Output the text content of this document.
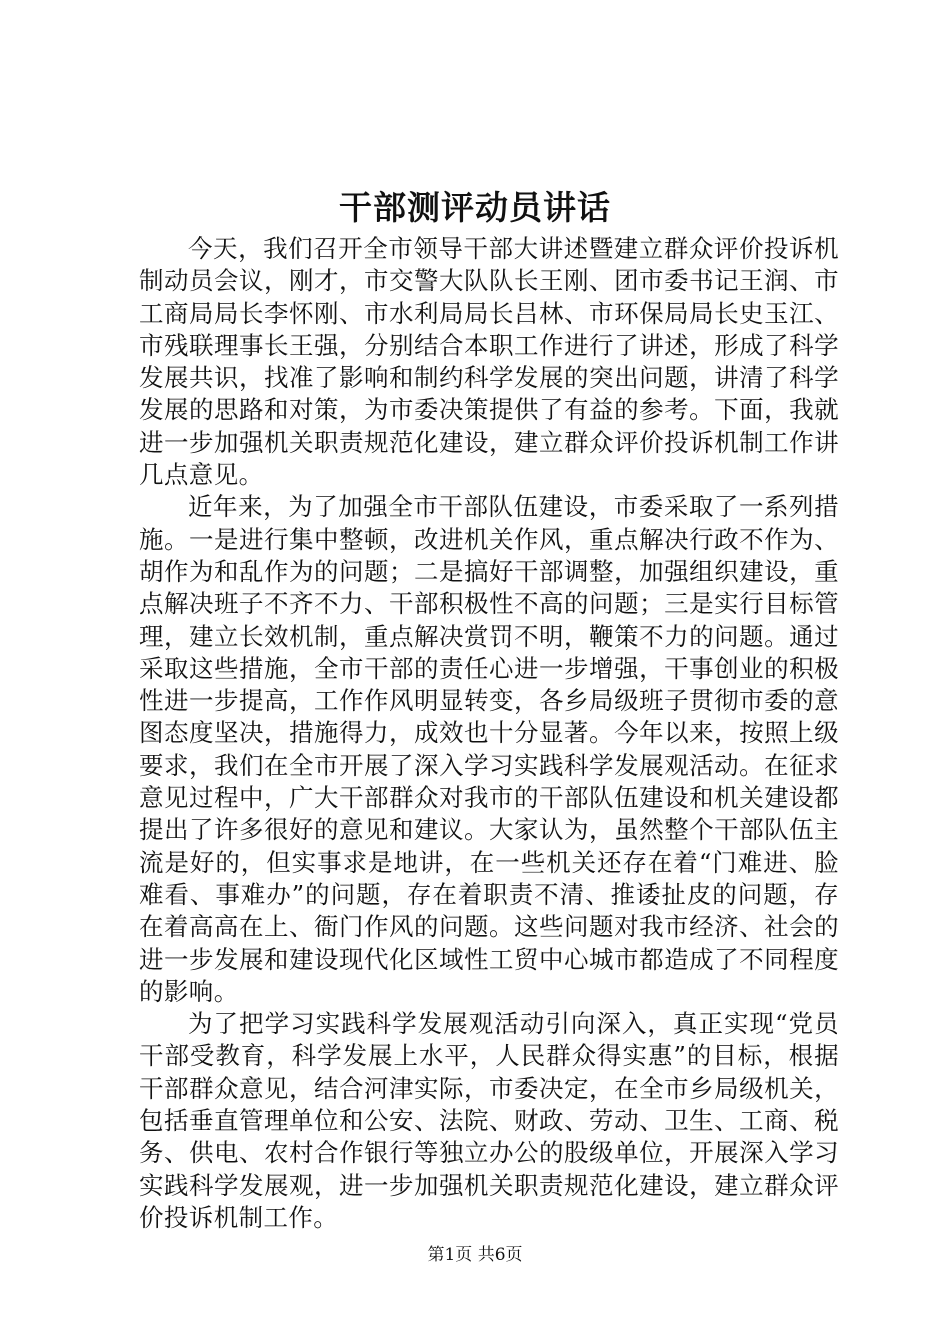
干部测评动员讲话

今天，我们召开全市领导干部大讲述暨建立群众评价投诉机制动员会议，刚才，市交警大队队长王刚、团市委书记王润、市工商局局长李怀刚、市水利局局长吕林、市环保局局长史玉江、市残联理事长王强，分别结合本职工作进行了讲述，形成了科学发展共识，找准了影响和制约科学发展的突出问题，讲清了科学发展的思路和对策，为市委决策提供了有益的参考。下面，我就进一步加强机关职责规范化建设，建立群众评价投诉机制工作讲几点意见。

近年来，为了加强全市干部队伍建设，市委采取了一系列措施。一是进行集中整顿，改进机关作风，重点解决行政不作为、胡作为和乱作为的问题；二是搞好干部调整，加强组织建设，重点解决班子不齐不力、干部积极性不高的问题；三是实行目标管理，建立长效机制，重点解决赏罚不明，鞭策不力的问题。通过采取这些措施，全市干部的责任心进一步增强，干事创业的积极性进一步提高，工作作风明显转变，各乡局级班子贯彻市委的意图态度坚决，措施得力，成效也十分显著。今年以来，按照上级要求，我们在全市开展了深入学习实践科学发展观活动。在征求意见过程中，广大干部群众对我市的干部队伍建设和机关建设都提出了许多很好的意见和建议。大家认为，虽然整个干部队伍主流是好的，但实事求是地讲，在一些机关还存在着“门难进、脸难看、事难办”的问题，存在着职责不清、推诿扯皮的问题，存在着高高在上、衙门作风的问题。这些问题对我市经济、社会的进一步发展和建设现代化区域性工贸中心城市都造成了不同程度的影响。

为了把学习实践科学发展观活动引向深入，真正实现“党员干部受教育，科学发展上水平，人民群众得实惠”的目标，根据干部群众意见，结合河津实际，市委决定，在全市乡局级机关，包括垂直管理单位和公安、法院、财政、劳动、卫生、工商、税务、供电、农村合作银行等独立办公的股级单位，开展深入学习实践科学发展观，进一步加强机关职责规范化建设，建立群众评价投诉机制工作。

第1页 共6页
